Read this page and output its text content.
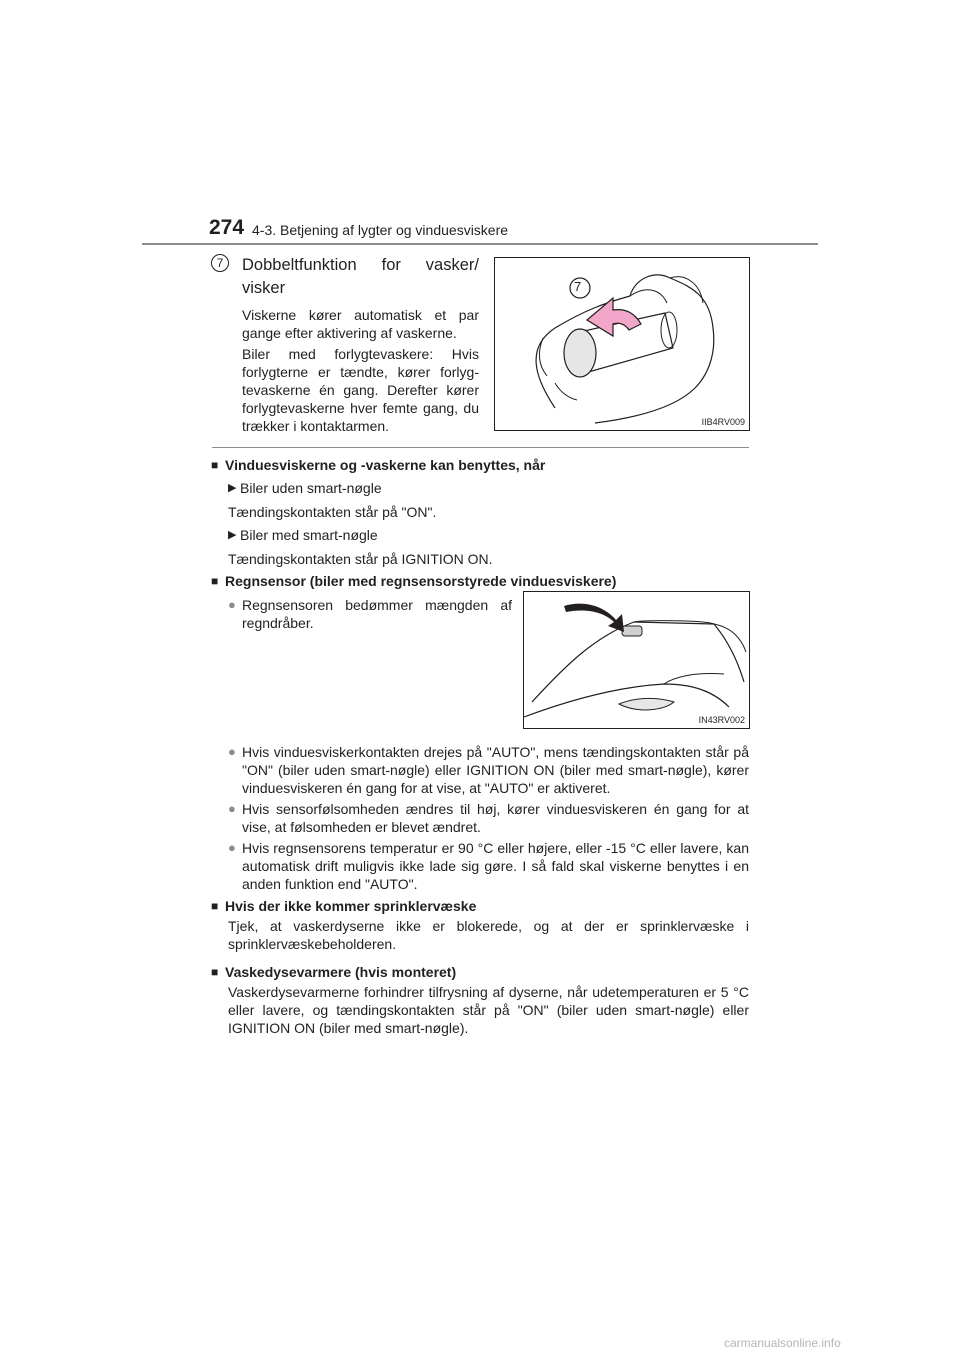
274 4-3. Betjening af lygter og vinduesviskere
7	Dobbeltfunktion for vasker/ visker
Viskerne kører automatisk et par gange efter aktivering af vaskerne.
Biler med forlygtevaskere: Hvis forlygterne er tændte, kører forlygtevaskerne én gang. Derefter kører forlygtevaskerne hver femte gang, du trækker i kontaktarmen.
7
IIB4RV009
■ Vinduesviskerne og -vaskerne kan benyttes, når
▶ Biler uden smart-nøgle
Tændingskontakten står på "ON".
▶ Biler med smart-nøgle
Tændingskontakten står på IGNITION ON.
■ Regnsensor (biler med regnsensorstyrede vinduesviskere)
● Regnsensoren bedømmer mængden af regndråber.
IN43RV002
● Hvis vinduesviskerkontakten drejes på "AUTO", mens tændingskontakten står på "ON" (biler uden smart-nøgle) eller IGNITION ON (biler med smart-nøgle), kører vinduesviskeren én gang for at vise, at "AUTO" er aktiveret.
● Hvis sensorfølsomheden ændres til høj, kører vinduesviskeren én gang for at vise, at følsomheden er blevet ændret.
● Hvis regnsensorens temperatur er 90 °C eller højere, eller -15 °C eller lavere, kan automatisk drift muligvis ikke lade sig gøre. I så fald skal viskerne benyttes i en anden funktion end "AUTO".
■ Hvis der ikke kommer sprinklervæske
Tjek, at vaskerdyserne ikke er blokerede, og at der er sprinklervæske i sprinklervæskebeholderen.
■ Vaskedysevarmere (hvis monteret)
Vaskerdysevarmerne forhindrer tilfrysning af dyserne, når udetemperaturen er 5 °C eller lavere, og tændingskontakten står på "ON" (biler uden smart-nøgle) eller IGNITION ON (biler med smart-nøgle).
carmanualsonline.info
